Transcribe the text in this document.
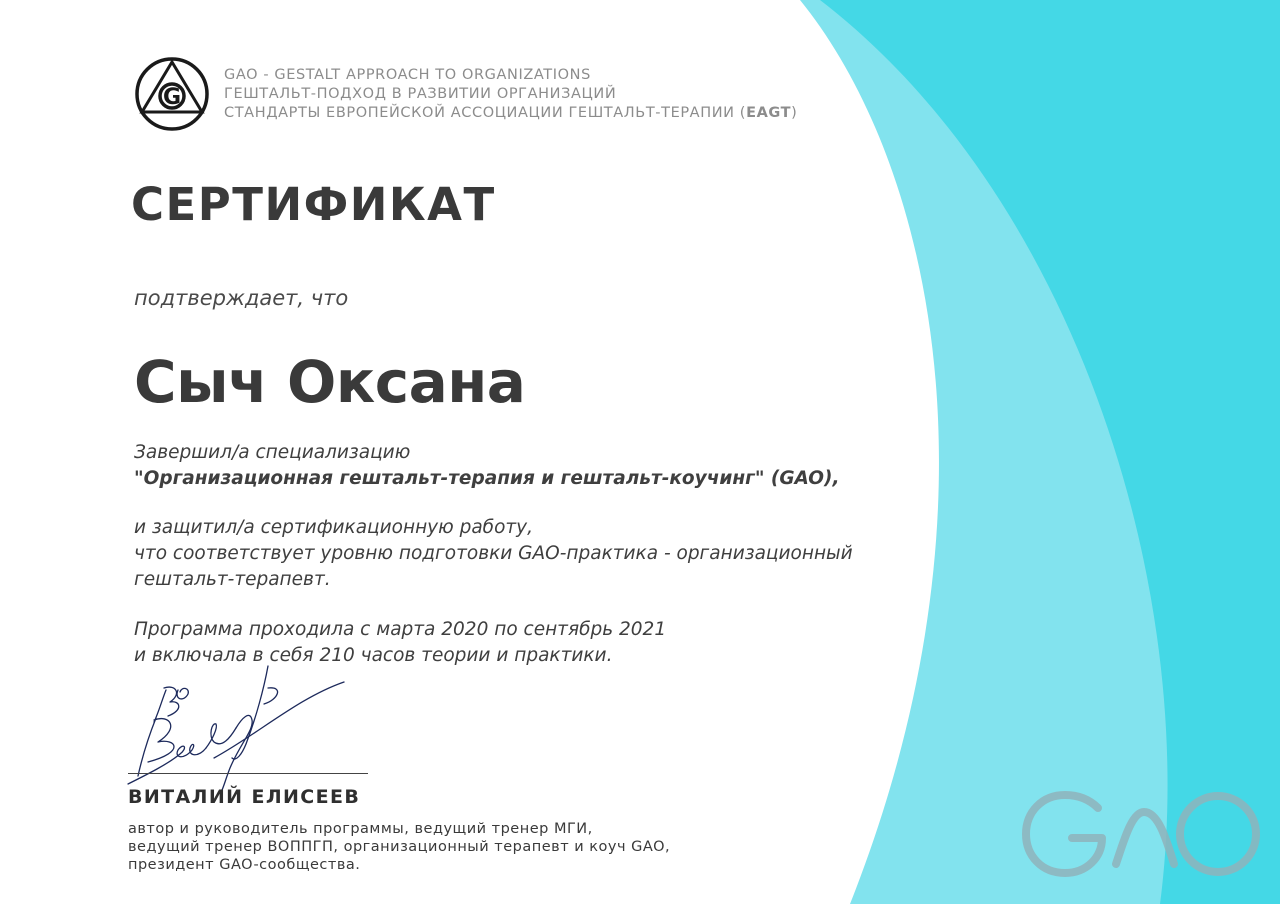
G
GAO - GESTALT APPROACH TO ORGANIZATIONS
ГЕШТАЛЬТ-ПОДХОД В РАЗВИТИИ ОРГАНИЗАЦИЙ
СТАНДАРТЫ ЕВРОПЕЙСКОЙ АССОЦИАЦИИ ГЕШТАЛЬТ-ТЕРАПИИ (EAGT)
СЕРТИФИКАТ
подтверждает, что
Сыч Оксана
Завершил/а специализацию
"Организационная гештальт-терапия и гештальт-коучинг" (GAO),
и защитил/а сертификационную работу,
что соответствует уровню подготовки GAO-практика - организационный
гештальт-терапевт.
Программа проходила с марта 2020 по сентябрь 2021
и включала в себя 210 часов теории и практики.
ВИТАЛИЙ ЕЛИСЕЕВ
автор и руководитель программы, ведущий тренер МГИ,
ведущий тренер ВОППГП, организационный терапевт и коуч GAO,
президент GAO-сообщества.
